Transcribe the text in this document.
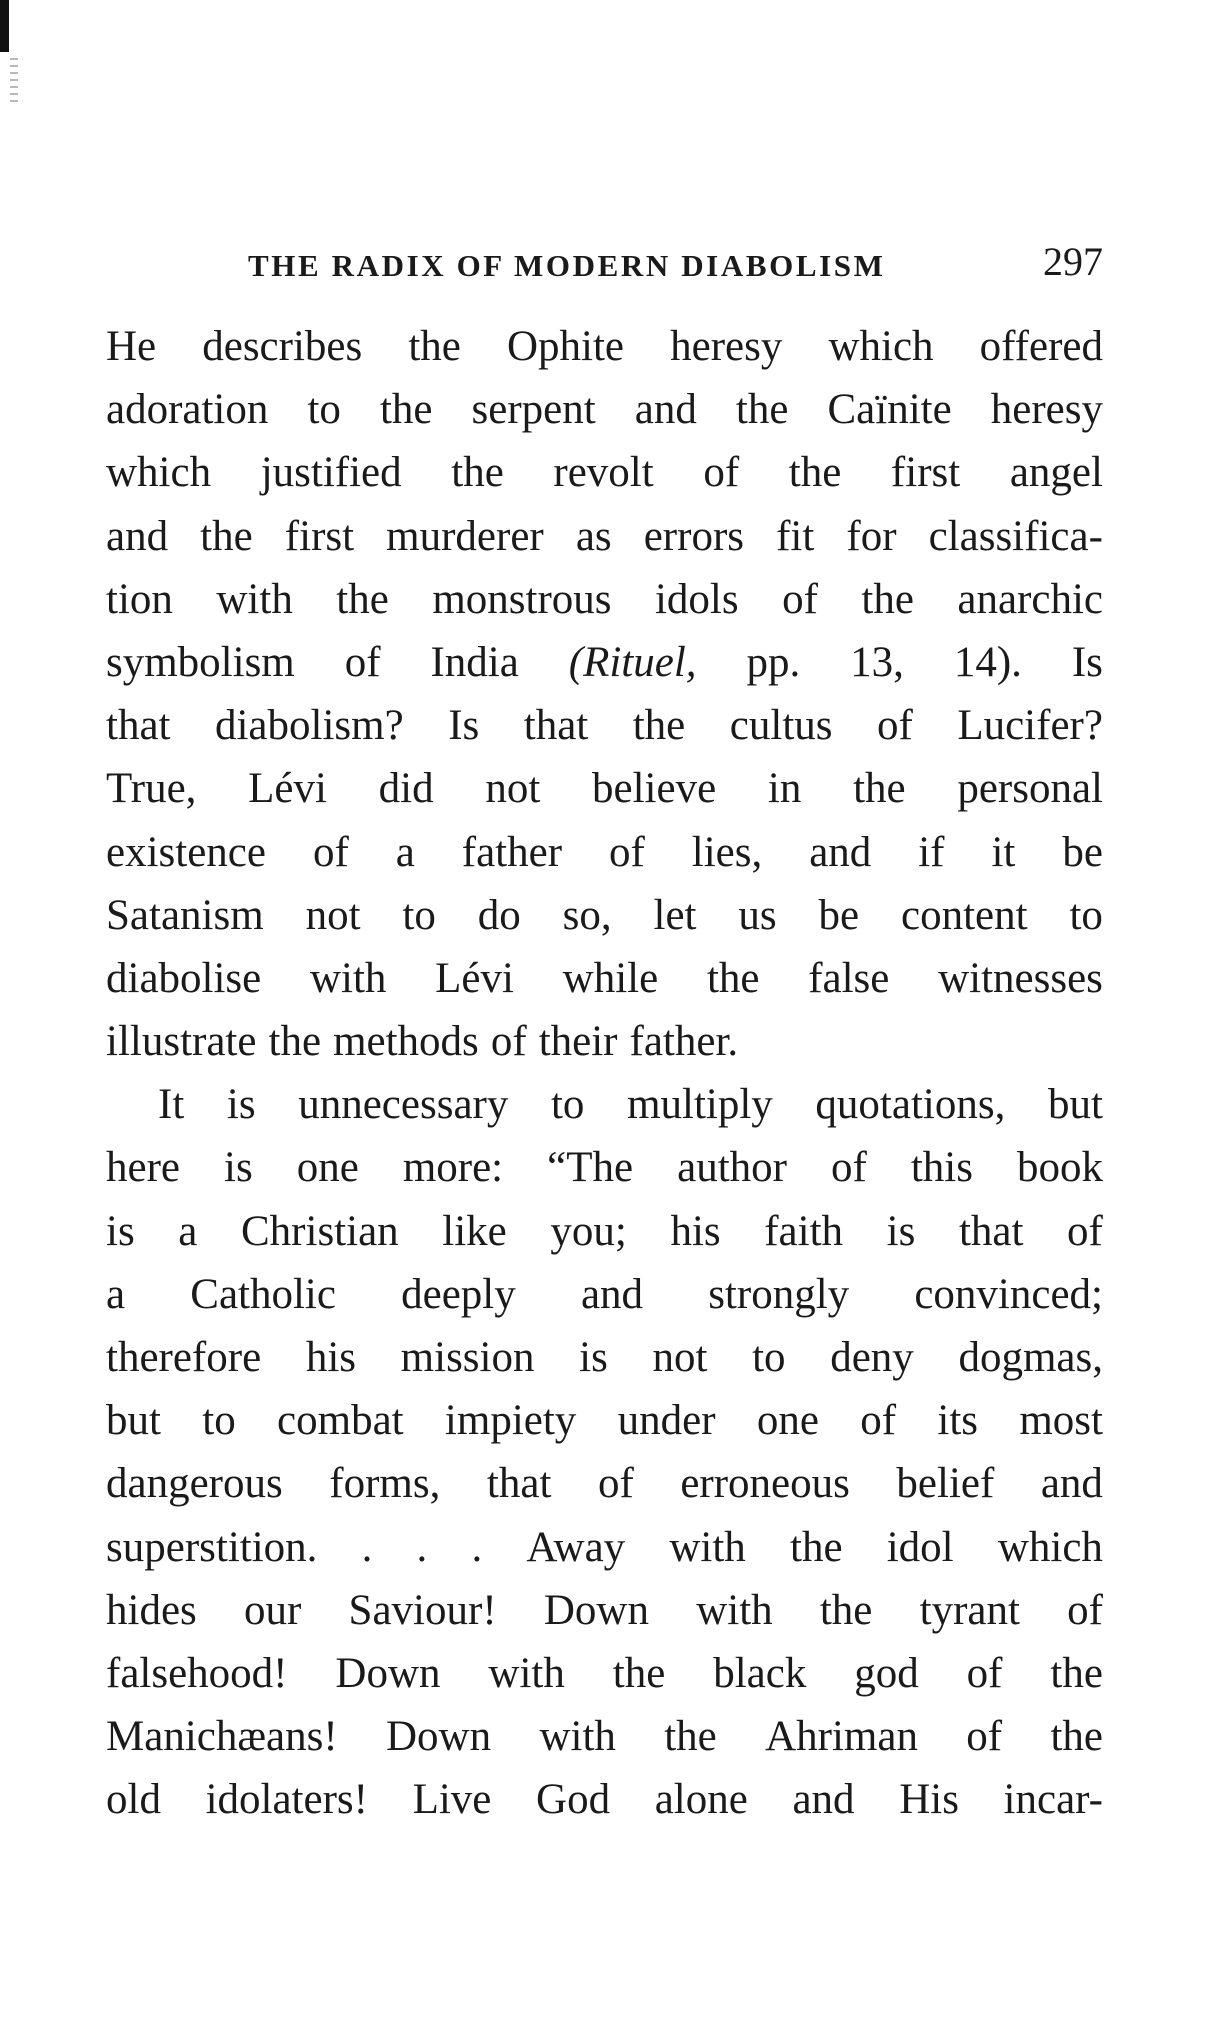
THE RADIX OF MODERN DIABOLISM	297
He describes the Ophite heresy which offered
adoration to the serpent and the Caïnite heresy
which justified the revolt of the first angel
and the first murderer as errors fit for classifica-
tion with the monstrous idols of the anarchic
symbolism of India (Rituel, pp. 13, 14). Is
that diabolism? Is that the cultus of Lucifer?
True, Lévi did not believe in the personal
existence of a father of lies, and if it be
Satanism not to do so, let us be content to
diabolise with Lévi while the false witnesses
illustrate the methods of their father.
It is unnecessary to multiply quotations, but
here is one more: “The author of this book
is a Christian like you; his faith is that of
a Catholic deeply and strongly convinced;
therefore his mission is not to deny dogmas,
but to combat impiety under one of its most
dangerous forms, that of erroneous belief and
superstition. . . . Away with the idol which
hides our Saviour! Down with the tyrant of
falsehood! Down with the black god of the
Manichæans! Down with the Ahriman of the
old idolaters! Live God alone and His incar-
